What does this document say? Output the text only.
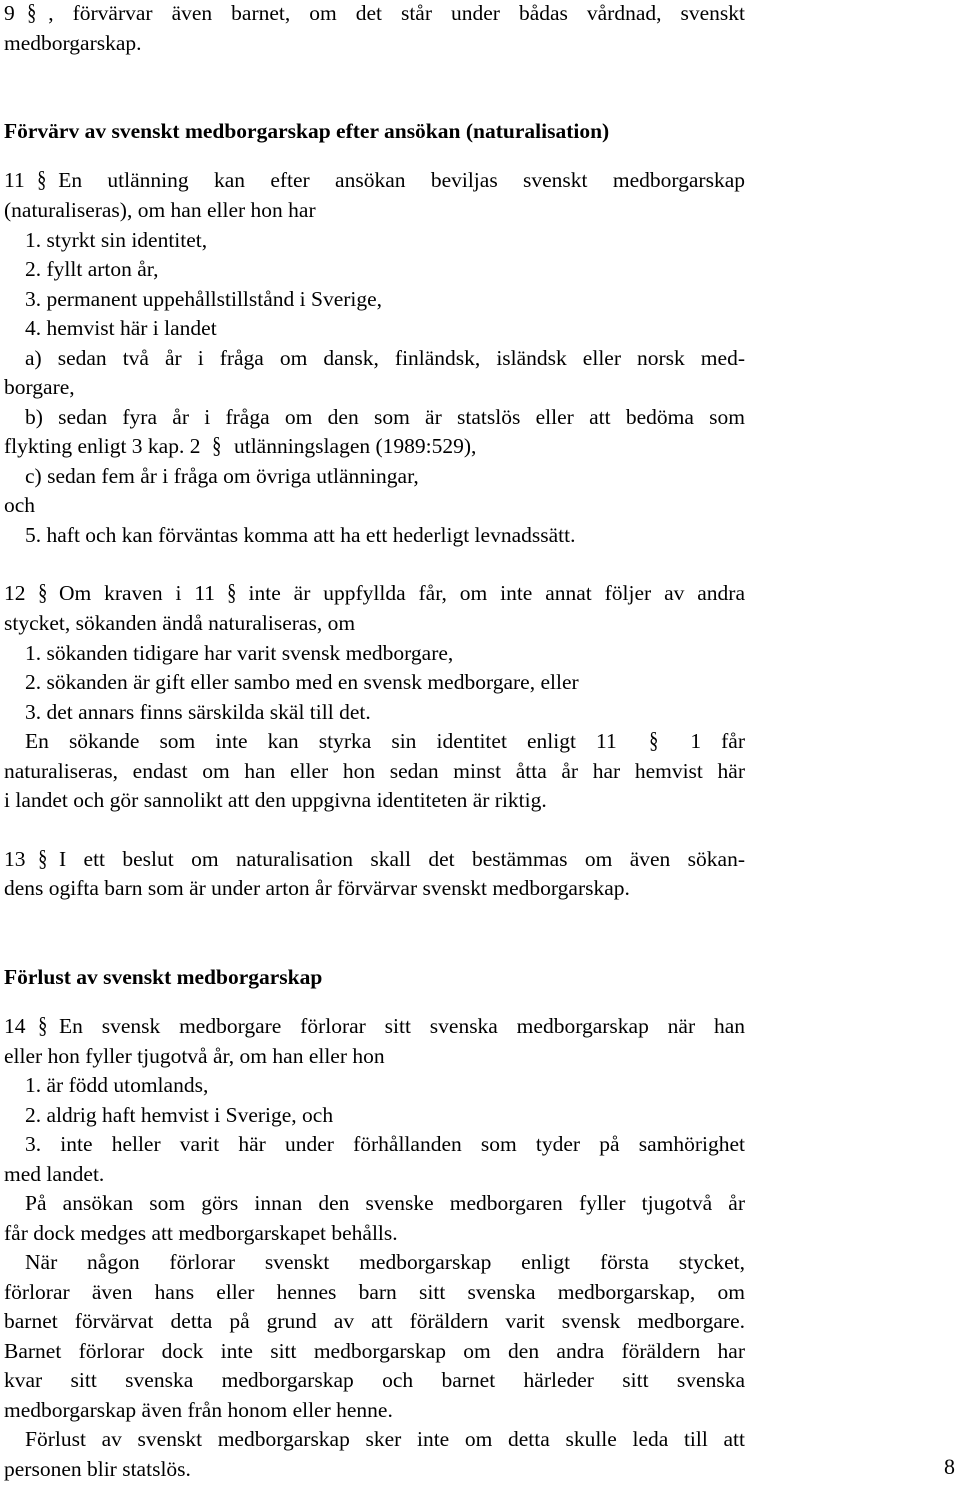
9 § , förvärvar även barnet, om det står under bådas vårdnad, svenskt
medborgarskap.
Förvärv av svenskt medborgarskap efter ansökan (naturalisation)
11 § En utlänning kan efter ansökan beviljas svenskt medborgarskap
(naturaliseras), om han eller hon har
1. styrkt sin identitet,
2. fyllt arton år,
3. permanent uppehållstillstånd i Sverige,
4. hemvist här i landet
a) sedan två år i fråga om dansk, finländsk, isländsk eller norsk med-
borgare,
b) sedan fyra år i fråga om den som är statslös eller att bedöma som
flykting enligt 3 kap. 2 § utlänningslagen (1989:529),
c) sedan fem år i fråga om övriga utlänningar,
och
5. haft och kan förväntas komma att ha ett hederligt levnadssätt.
12 § Om kraven i 11 § inte är uppfyllda får, om inte annat följer av andra
stycket, sökanden ändå naturaliseras, om
1. sökanden tidigare har varit svensk medborgare,
2. sökanden är gift eller sambo med en svensk medborgare, eller
3. det annars finns särskilda skäl till det.
En sökande som inte kan styrka sin identitet enligt 11 § 1 får
naturaliseras, endast om han eller hon sedan minst åtta år har hemvist här
i landet och gör sannolikt att den uppgivna identiteten är riktig.
13 § I ett beslut om naturalisation skall det bestämmas om även sökan-
dens ogifta barn som är under arton år förvärvar svenskt medborgarskap.
Förlust av svenskt medborgarskap
14 § En svensk medborgare förlorar sitt svenska medborgarskap när han
eller hon fyller tjugotvå år, om han eller hon
1. är född utomlands,
2. aldrig haft hemvist i Sverige, och
3. inte heller varit här under förhållanden som tyder på samhörighet
med landet.
På ansökan som görs innan den svenske medborgaren fyller tjugotvå år
får dock medges att medborgarskapet behålls.
När någon förlorar svenskt medborgarskap enligt första stycket,
förlorar även hans eller hennes barn sitt svenska medborgarskap, om
barnet förvärvat detta på grund av att föräldern varit svensk medborgare.
Barnet förlorar dock inte sitt medborgarskap om den andra föräldern har
kvar sitt svenska medborgarskap och barnet härleder sitt svenska
medborgarskap även från honom eller henne.
Förlust av svenskt medborgarskap sker inte om detta skulle leda till att
personen blir statslös.	8
